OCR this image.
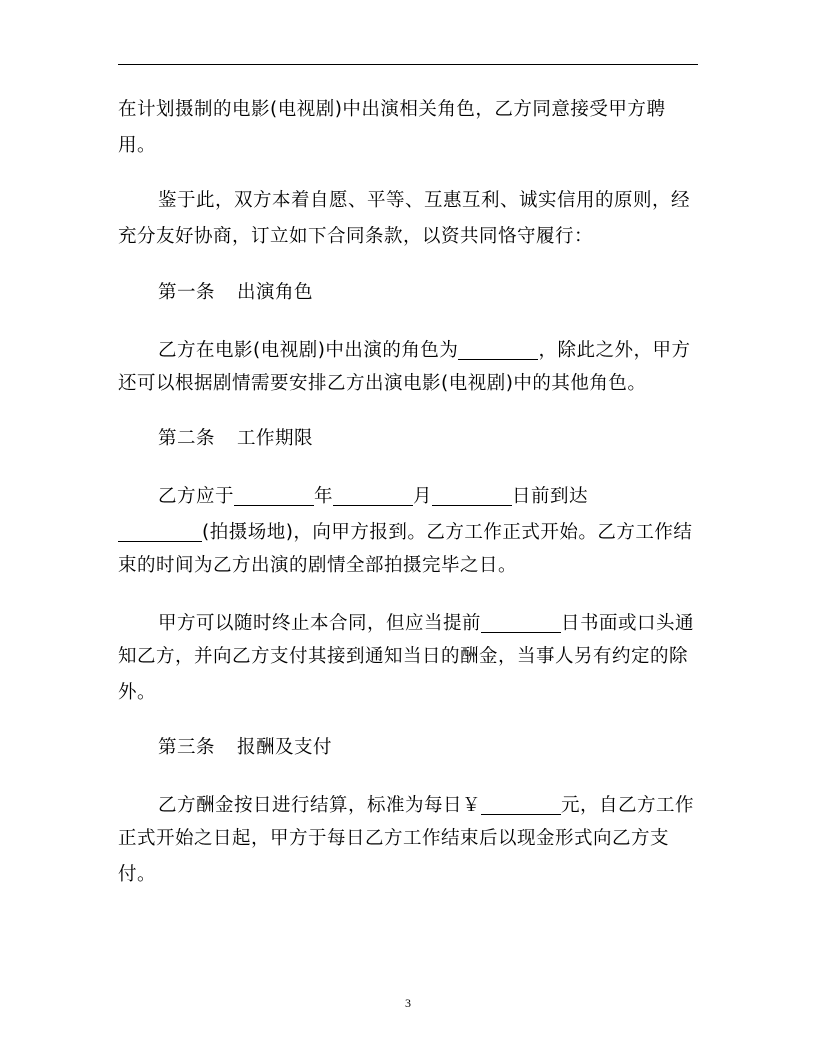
在计划摄制的电影(电视剧)中出演相关角色，乙方同意接受甲方聘
用。
鉴于此，双方本着自愿、平等、互惠互利、诚实信用的原则，经
充分友好协商，订立如下合同条款，以资共同恪守履行：
第一条 出演角色
乙方在电影(电视剧)中出演的角色为	，除此之外，甲方
还可以根据剧情需要安排乙方出演电影(电视剧)中的其他角色。
第二条 工作期限
乙方应于	年	月	日前到达
(拍摄场地)，向甲方报到。乙方工作正式开始。乙方工作结
束的时间为乙方出演的剧情全部拍摄完毕之日。
甲方可以随时终止本合同，但应当提前	日书面或口头通
知乙方，并向乙方支付其接到通知当日的酬金，当事人另有约定的除
外。
第三条 报酬及支付
乙方酬金按日进行结算，标准为每日￥	元，自乙方工作
正式开始之日起，甲方于每日乙方工作结束后以现金形式向乙方支
付。
3
